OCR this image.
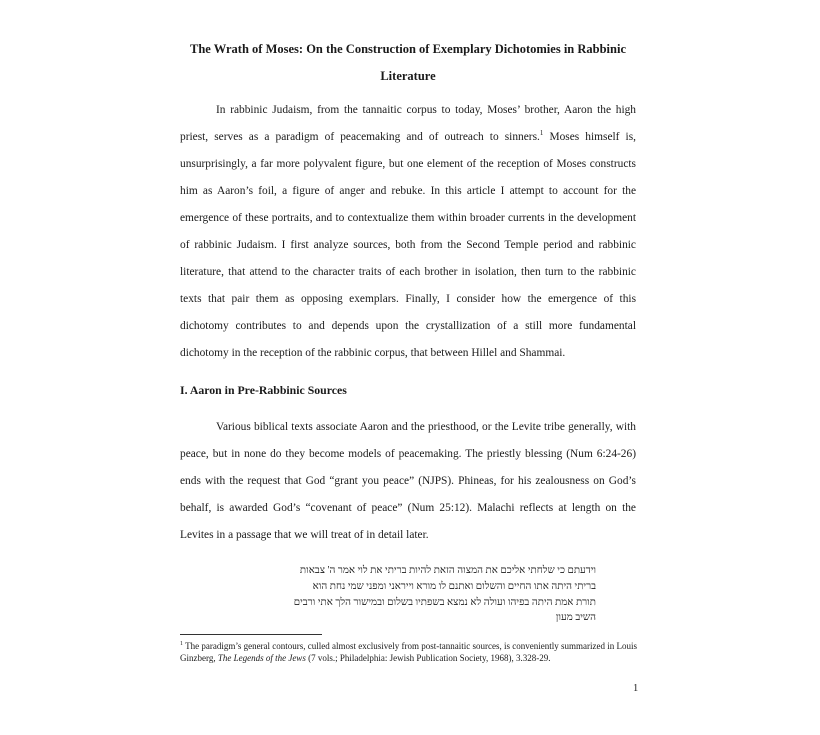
The Wrath of Moses: On the Construction of Exemplary Dichotomies in Rabbinic Literature
In rabbinic Judaism, from the tannaitic corpus to today, Moses’ brother, Aaron the high priest, serves as a paradigm of peacemaking and of outreach to sinners.$^1$ Moses himself is, unsurprisingly, a far more polyvalent figure, but one element of the reception of Moses constructs him as Aaron’s foil, a figure of anger and rebuke. In this article I attempt to account for the emergence of these portraits, and to contextualize them within broader currents in the development of rabbinic Judaism. I first analyze sources, both from the Second Temple period and rabbinic literature, that attend to the character traits of each brother in isolation, then turn to the rabbinic texts that pair them as opposing exemplars. Finally, I consider how the emergence of this dichotomy contributes to and depends upon the crystallization of a still more fundamental dichotomy in the reception of the rabbinic corpus, that between Hillel and Shammai.
I. Aaron in Pre-Rabbinic Sources
Various biblical texts associate Aaron and the priesthood, or the Levite tribe generally, with peace, but in none do they become models of peacemaking. The priestly blessing (Num 6:24-26) ends with the request that God “grant you peace” (NJPS). Phineas, for his zealousness on God’s behalf, is awarded God’s “covenant of peace” (Num 25:12). Malachi reflects at length on the Levites in a passage that we will treat of in detail later.
וידעתם כי שלחתי אליכם את המצוה הזאת להיות בריתי את לוי אמר ה' צבאות
בריתי היתה אתו החיים והשלום ואתנם לו מורא וייראני ומפני שמי נחת הוא
תורת אמת היתה בפיהו ועולה לא נמצא בשפתיו בשלום ובמישור הלך אתי ורבים
השיב מעון
$^1$ The paradigm’s general contours, culled almost exclusively from post-tannaitic sources, is conveniently summarized in Louis Ginzberg, The Legends of the Jews (7 vols.; Philadelphia: Jewish Publication Society, 1968), 3.328-29.
1
